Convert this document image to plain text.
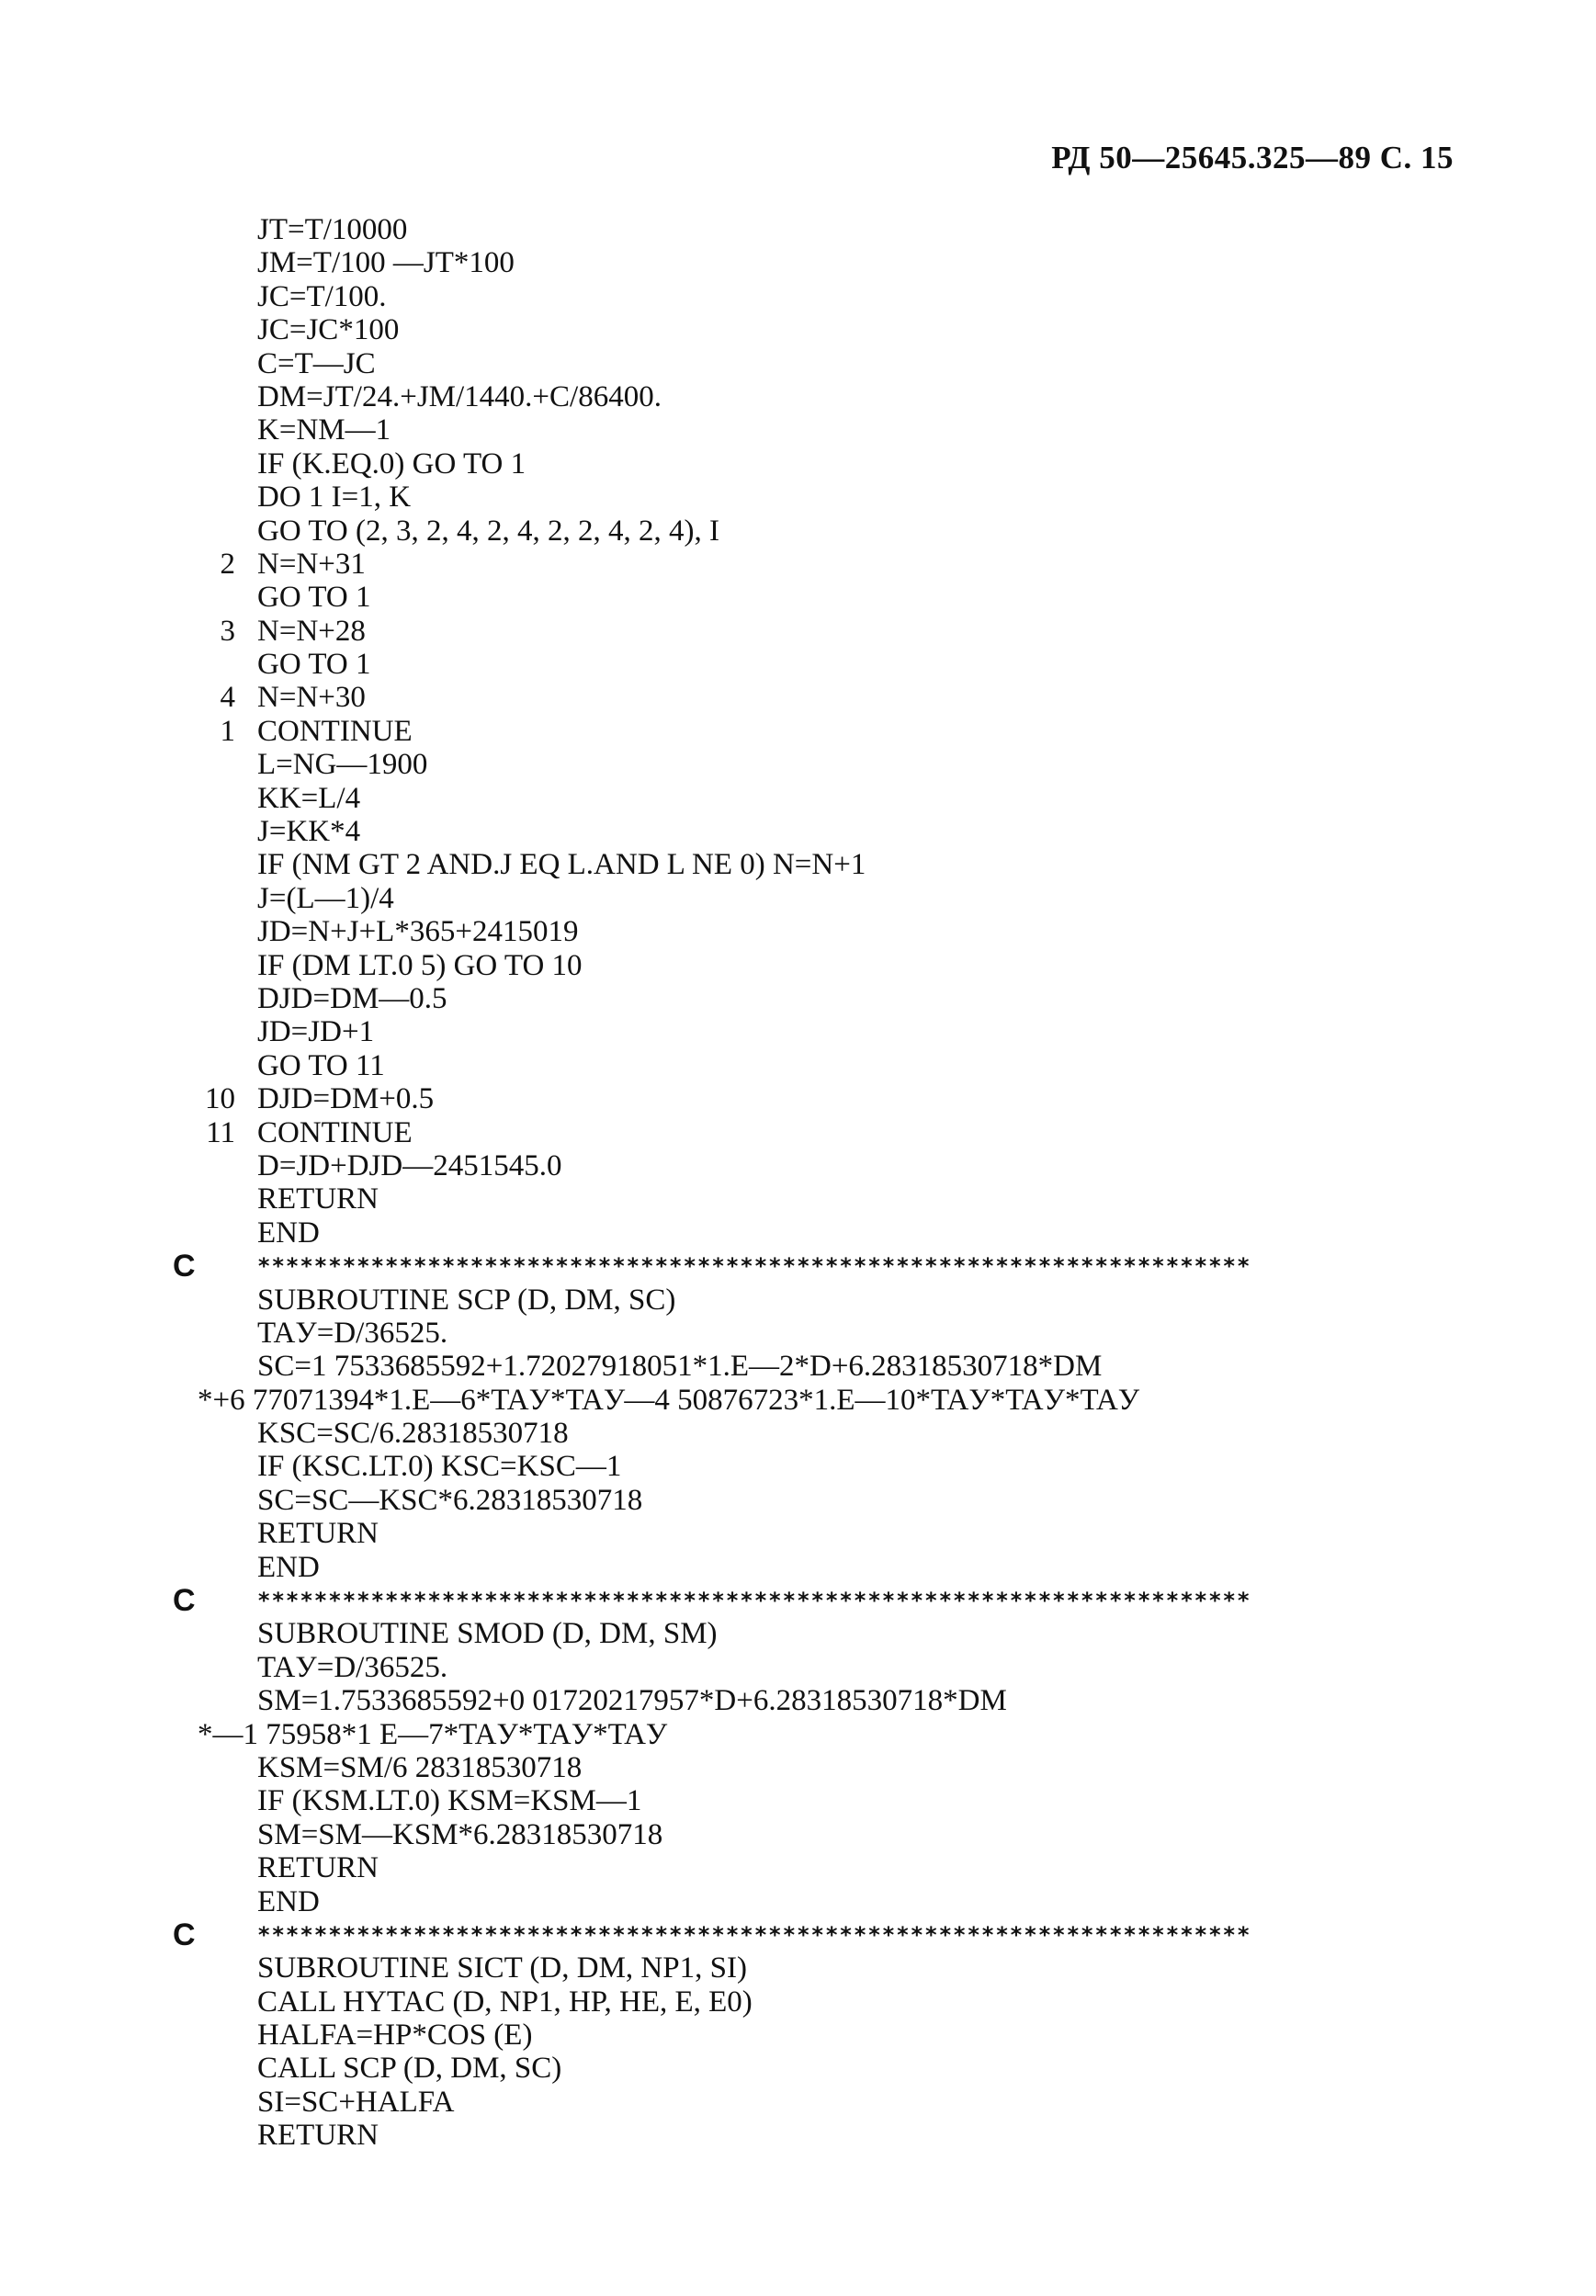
РД 50—25645.325—89 С. 15
JT=T/10000
JM=T/100 —JT*100
JC=T/100.
JC=JC*100
C=T—JC
DM=JT/24.+JM/1440.+C/86400.
K=NM—1
IF (K.EQ.0) GO TO 1
DO 1 I=1, K
GO TO (2, 3, 2, 4, 2, 4, 2, 2, 4, 2, 4), I
2 N=N+31
GO TO 1
3 N=N+28
GO TO 1
4 N=N+30
1 CONTINUE
L=NG—1900
KK=L/4
J=KK*4
IF (NM GT 2 AND.J EQ L.AND L NE 0) N=N+1
J=(L—1)/4
JD=N+J+L*365+2415019
IF (DM LT.0 5) GO TO 10
DJD=DM—0.5
JD=JD+1
GO TO 11
10 DJD=DM+0.5
11 CONTINUE
D=JD+DJD—2451545.0
RETURN
END
C	**********************************************************************
SUBROUTINE SCP (D, DM, SC)
TAУ=D/36525.
SC=1 7533685592+1.72027918051*1.E—2*D+6.28318530718*DM
*+6 77071394*1.E—6*TAУ*TAУ—4 50876723*1.E—10*TAУ*TAУ*TAУ
KSC=SC/6.28318530718
IF (KSC.LT.0) KSC=KSC—1
SC=SC—KSC*6.28318530718
RETURN
END
C	**********************************************************************
SUBROUTINE SMOD (D, DM, SM)
TAУ=D/36525.
SM=1.7533685592+0 01720217957*D+6.28318530718*DM
*—1 75958*1 E—7*TAУ*TAУ*TAУ
KSM=SM/6 28318530718
IF (KSM.LT.0) KSM=KSM—1
SM=SM—KSM*6.28318530718
RETURN
END
C	**********************************************************************
SUBROUTINE SICT (D, DM, NP1, SI)
CALL HYTAC (D, NP1, HP, HE, E, E0)
HALFA=HP*COS (E)
CALL SCP (D, DM, SC)
SI=SC+HALFA
RETURN
